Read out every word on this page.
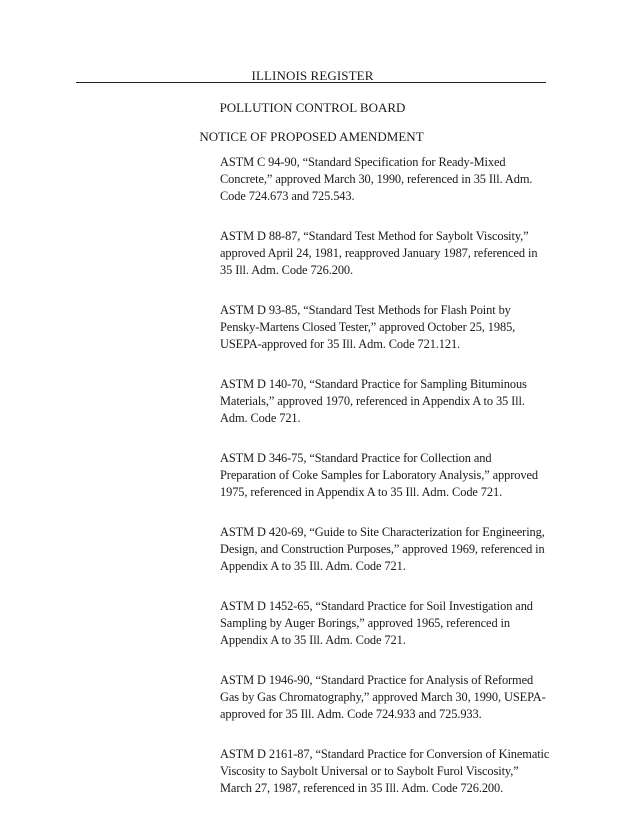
ILLINOIS REGISTER
POLLUTION CONTROL BOARD
NOTICE OF PROPOSED AMENDMENT

ASTM C 94-90, “Standard Specification for Ready-Mixed Concrete,” approved March 30, 1990, referenced in 35 Ill. Adm. Code 724.673 and 725.543.

ASTM D 88-87, “Standard Test Method for Saybolt Viscosity,” approved April 24, 1981, reapproved January 1987, referenced in 35 Ill. Adm. Code 726.200.

ASTM D 93-85, “Standard Test Methods for Flash Point by Pensky-Martens Closed Tester,” approved October 25, 1985, USEPA-approved for 35 Ill. Adm. Code 721.121.

ASTM D 140-70, “Standard Practice for Sampling Bituminous Materials,” approved 1970, referenced in Appendix A to 35 Ill. Adm. Code 721.

ASTM D 346-75, “Standard Practice for Collection and Preparation of Coke Samples for Laboratory Analysis,” approved 1975, referenced in Appendix A to 35 Ill. Adm. Code 721.

ASTM D 420-69, “Guide to Site Characterization for Engineering, Design, and Construction Purposes,” approved 1969, referenced in Appendix A to 35 Ill. Adm. Code 721.

ASTM D 1452-65, “Standard Practice for Soil Investigation and Sampling by Auger Borings,” approved 1965, referenced in Appendix A to 35 Ill. Adm. Code 721.

ASTM D 1946-90, “Standard Practice for Analysis of Reformed Gas by Gas Chromatography,” approved March 30, 1990, USEPA-approved for 35 Ill. Adm. Code 724.933 and 725.933.

ASTM D 2161-87, “Standard Practice for Conversion of Kinematic Viscosity to Saybolt Universal or to Saybolt Furol Viscosity,” March 27, 1987, referenced in 35 Ill. Adm. Code 726.200.
